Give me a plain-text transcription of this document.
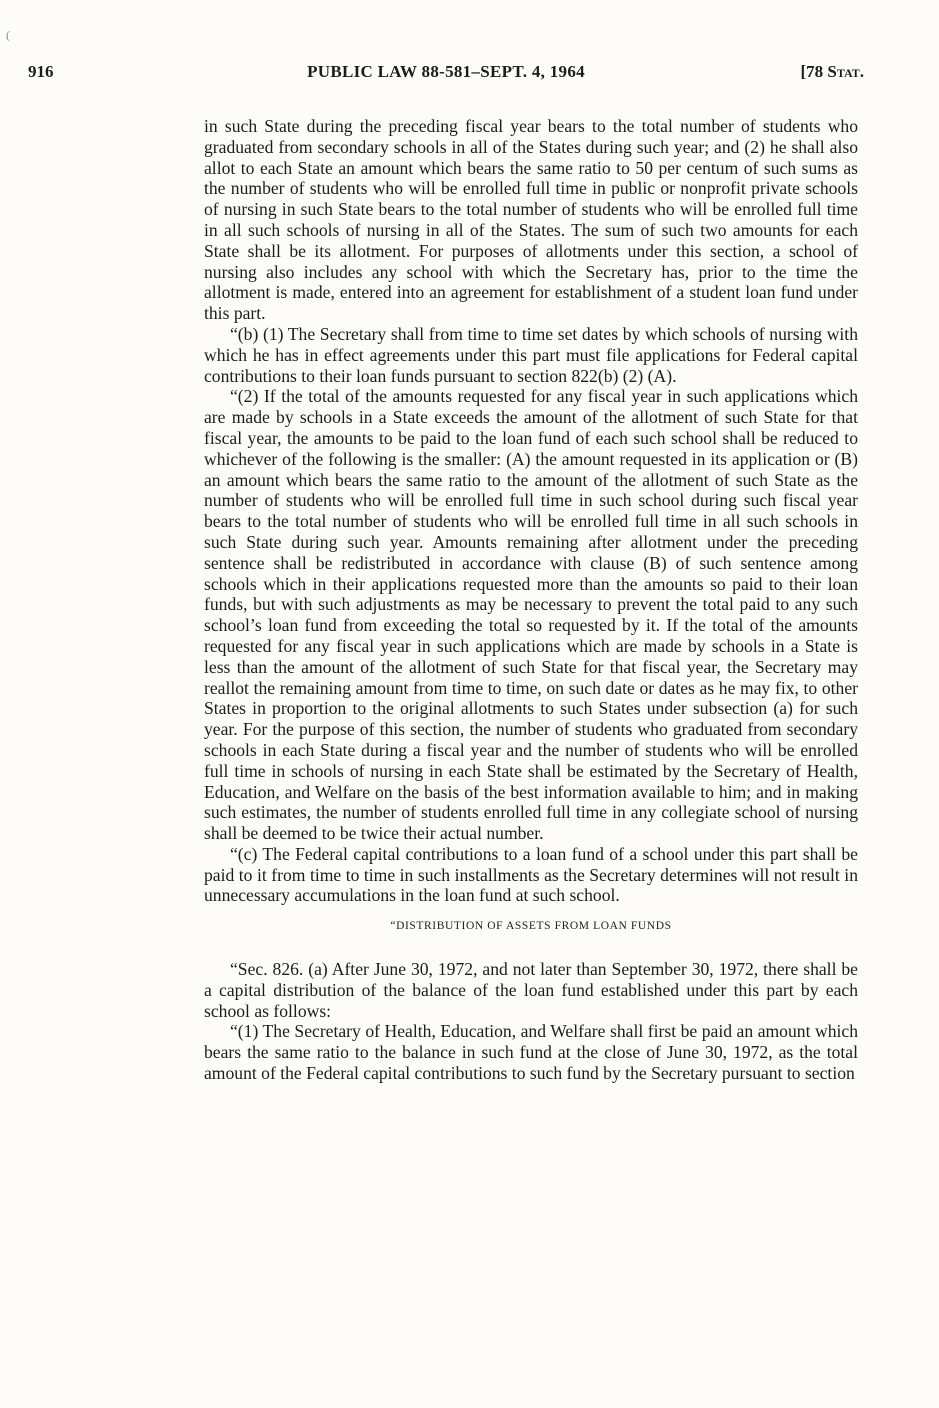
(
916	PUBLIC LAW 88-581–SEPT. 4, 1964	[78 Stat.

in such State during the preceding fiscal year bears to the total number of students who graduated from secondary schools in all of the States during such year; and (2) he shall also allot to each State an amount which bears the same ratio to 50 per centum of such sums as the number of students who will be enrolled full time in public or nonprofit private schools of nursing in such State bears to the total number of students who will be enrolled full time in all such schools of nursing in all of the States. The sum of such two amounts for each State shall be its allotment. For purposes of allotments under this section, a school of nursing also includes any school with which the Secretary has, prior to the time the allotment is made, entered into an agreement for establishment of a student loan fund under this part.

“(b) (1) The Secretary shall from time to time set dates by which schools of nursing with which he has in effect agreements under this part must file applications for Federal capital contributions to their loan funds pursuant to section 822(b) (2) (A).

“(2) If the total of the amounts requested for any fiscal year in such applications which are made by schools in a State exceeds the amount of the allotment of such State for that fiscal year, the amounts to be paid to the loan fund of each such school shall be reduced to whichever of the following is the smaller: (A) the amount requested in its application or (B) an amount which bears the same ratio to the amount of the allotment of such State as the number of students who will be enrolled full time in such school during such fiscal year bears to the total number of students who will be enrolled full time in all such schools in such State during such year. Amounts remaining after allotment under the preceding sentence shall be redistributed in accordance with clause (B) of such sentence among schools which in their applications requested more than the amounts so paid to their loan funds, but with such adjustments as may be necessary to prevent the total paid to any such school’s loan fund from exceeding the total so requested by it. If the total of the amounts requested for any fiscal year in such applications which are made by schools in a State is less than the amount of the allotment of such State for that fiscal year, the Secretary may reallot the remaining amount from time to time, on such date or dates as he may fix, to other States in proportion to the original allotments to such States under subsection (a) for such year. For the purpose of this section, the number of students who graduated from secondary schools in each State during a fiscal year and the number of students who will be enrolled full time in schools of nursing in each State shall be estimated by the Secretary of Health, Education, and Welfare on the basis of the best information available to him; and in making such estimates, the number of students enrolled full time in any collegiate school of nursing shall be deemed to be twice their actual number.

“(c) The Federal capital contributions to a loan fund of a school under this part shall be paid to it from time to time in such installments as the Secretary determines will not result in unnecessary accumulations in the loan fund at such school.

“DISTRIBUTION OF ASSETS FROM LOAN FUNDS

“Sec. 826. (a) After June 30, 1972, and not later than September 30, 1972, there shall be a capital distribution of the balance of the loan fund established under this part by each school as follows:

“(1) The Secretary of Health, Education, and Welfare shall first be paid an amount which bears the same ratio to the balance in such fund at the close of June 30, 1972, as the total amount of the Federal capital contributions to such fund by the Secretary pursuant to section
